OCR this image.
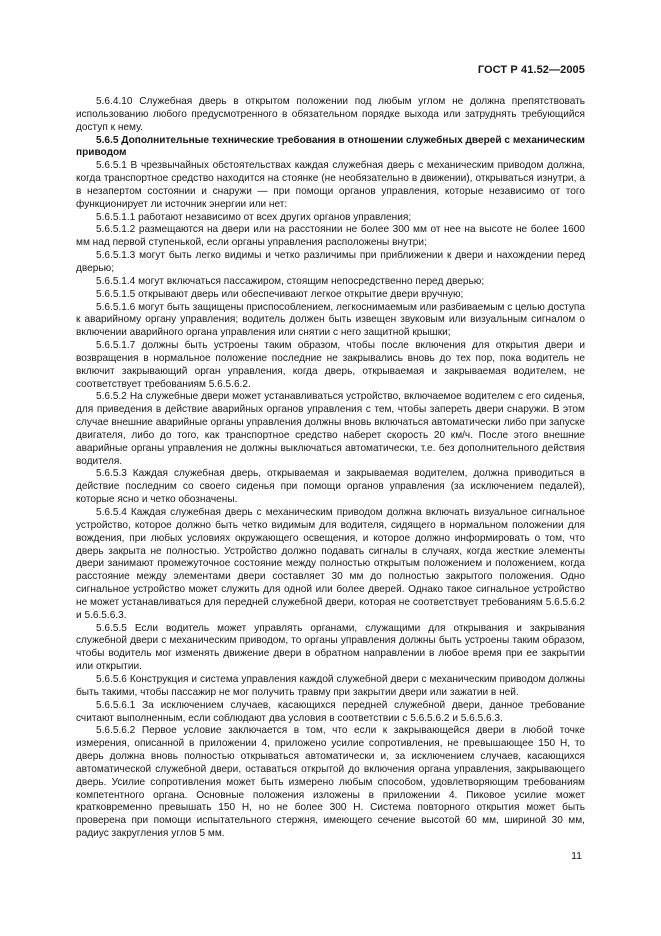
ГОСТ Р 41.52—2005

5.6.4.10 Служебная дверь в открытом положении под любым углом не должна препятствовать использованию любого предусмотренного в обязательном порядке выхода или затруднять требующийся доступ к нему.

5.6.5 Дополнительные технические требования в отношении служебных дверей с механическим приводом

5.6.5.1 В чрезвычайных обстоятельствах каждая служебная дверь с механическим приводом должна, когда транспортное средство находится на стоянке (не необязательно в движении), открываться изнутри, а в незапертом состоянии и снаружи — при помощи органов управления, которые независимо от того функционирует ли источник энергии или нет:

5.6.5.1.1 работают независимо от всех других органов управления;

5.6.5.1.2 размещаются на двери или на расстоянии не более 300 мм от нее на высоте не более 1600 мм над первой ступенькой, если органы управления расположены внутри;

5.6.5.1.3 могут быть легко видимы и четко различимы при приближении к двери и нахождении перед дверью;

5.6.5.1.4 могут включаться пассажиром, стоящим непосредственно перед дверью;

5.6.5.1.5 открывают дверь или обеспечивают легкое открытие двери вручную;

5.6.5.1.6 могут быть защищены приспособлением, легкоснимаемым или разбиваемым с целью доступа к аварийному органу управления; водитель должен быть извещен звуковым или визуальным сигналом о включении аварийного органа управления или снятии с него защитной крышки;

5.6.5.1.7 должны быть устроены таким образом, чтобы после включения для открытия двери и возвращения в нормальное положение последние не закрывались вновь до тех пор, пока водитель не включит закрывающий орган управления, когда дверь, открываемая и закрываемая водителем, не соответствует требованиям 5.6.5.6.2.

5.6.5.2 На служебные двери может устанавливаться устройство, включаемое водителем с его сиденья, для приведения в действие аварийных органов управления с тем, чтобы запереть двери снаружи. В этом случае внешние аварийные органы управления должны вновь включаться автоматически либо при запуске двигателя, либо до того, как транспортное средство наберет скорость 20 км/ч. После этого внешние аварийные органы управления не должны выключаться автоматически, т.е. без дополнительного действия водителя.

5.6.5.3 Каждая служебная дверь, открываемая и закрываемая водителем, должна приводиться в действие последним со своего сиденья при помощи органов управления (за исключением педалей), которые ясно и четко обозначены.

5.6.5.4 Каждая служебная дверь с механическим приводом должна включать визуальное сигнальное устройство, которое должно быть четко видимым для водителя, сидящего в нормальном положении для вождения, при любых условиях окружающего освещения, и которое должно информировать о том, что дверь закрыта не полностью. Устройство должно подавать сигналы в случаях, когда жесткие элементы двери занимают промежуточное состояние между полностью открытым положением и положением, когда расстояние между элементами двери составляет 30 мм до полностью закрытого положения. Одно сигнальное устройство может служить для одной или более дверей. Однако такое сигнальное устройство не может устанавливаться для передней служебной двери, которая не соответствует требованиям 5.6.5.6.2 и 5.6.5.6.3.

5.6.5.5 Если водитель может управлять органами, служащими для открывания и закрывания служебной двери с механическим приводом, то органы управления должны быть устроены таким образом, чтобы водитель мог изменять движение двери в обратном направлении в любое время при ее закрытии или открытии.

5.6.5.6 Конструкция и система управления каждой служебной двери с механическим приводом должны быть такими, чтобы пассажир не мог получить травму при закрытии двери или зажатии в ней.

5.6.5.6.1 За исключением случаев, касающихся передней служебной двери, данное требование считают выполненным, если соблюдают два условия в соответствии с 5.6.5.6.2 и 5.6.5.6.3.

5.6.5.6.2 Первое условие заключается в том, что если к закрывающейся двери в любой точке измерения, описанной в приложении 4, приложено усилие сопротивления, не превышающее 150 Н, то дверь должна вновь полностью открываться автоматически и, за исключением случаев, касающихся автоматической служебной двери, оставаться открытой до включения органа управления, закрывающего дверь. Усилие сопротивления может быть измерено любым способом, удовлетворяющим требованиям компетентного органа. Основные положения изложены в приложении 4. Пиковое усилие может кратковременно превышать 150 Н, но не более 300 Н. Система повторного открытия может быть проверена при помощи испытательного стержня, имеющего сечение высотой 60 мм, шириной 30 мм, радиус закругления углов 5 мм.

11
